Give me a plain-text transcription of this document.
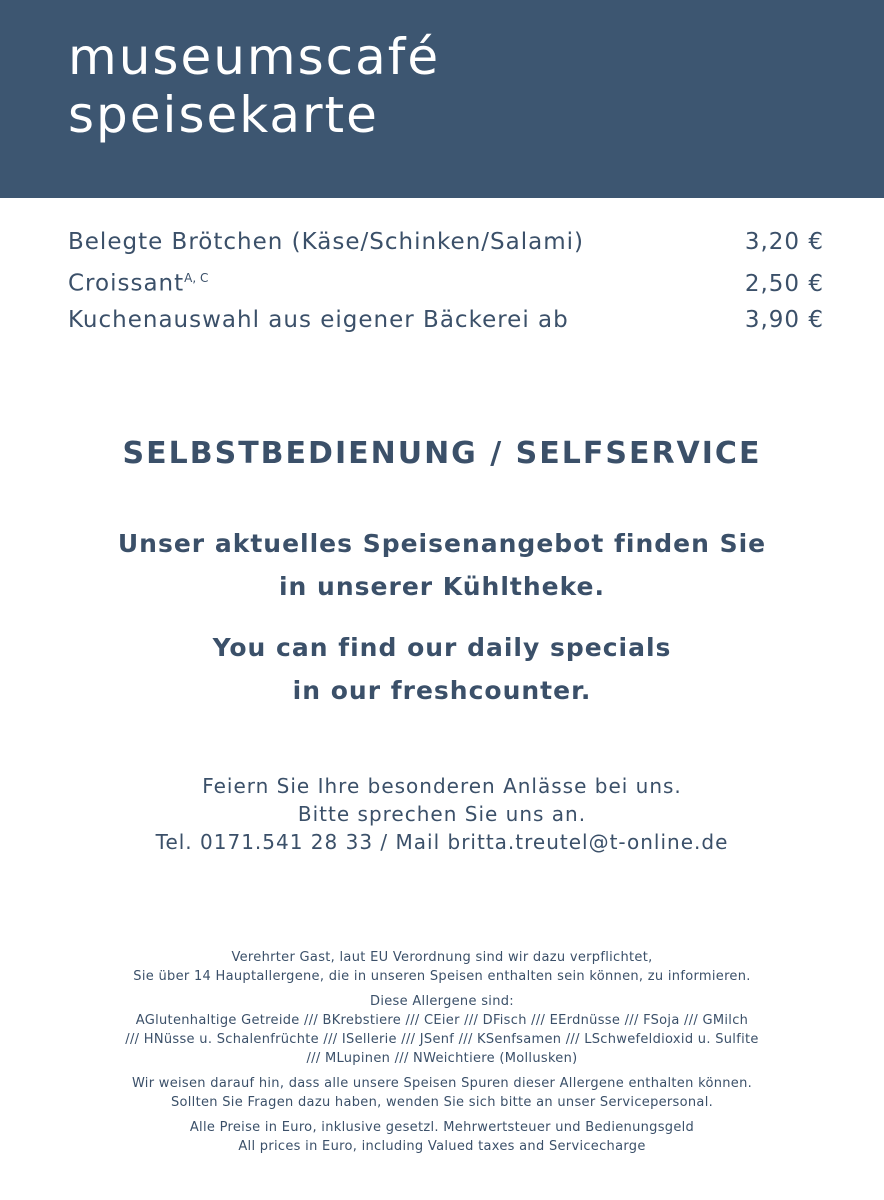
museumscafé
speisekarte
Belegte Brötchen (Käse/Schinken/Salami)	3,20 €
Croissant$^{A, C}$	2,50 €
Kuchenauswahl aus eigener Bäckerei ab	3,90 €
SELBSTBEDIENUNG / SELFSERVICE
Unser aktuelles Speisenangebot finden Sie
in unserer Kühltheke.
You can find our daily specials
in our freshcounter.
Feiern Sie Ihre besonderen Anlässe bei uns.
Bitte sprechen Sie uns an.
Tel. 0171.541 28 33 / Mail britta.treutel@t-online.de
Verehrter Gast, laut EU Verordnung sind wir dazu verpflichtet,
Sie über 14 Hauptallergene, die in unseren Speisen enthalten sein können, zu informieren.
Diese Allergene sind:
AGlutenhaltige Getreide /// BKrebstiere /// CEier /// DFisch /// EErdnüsse /// FSoja /// GMilch
/// HNüsse u. Schalenfrüchte /// ISellerie /// JSenf /// KSenfsamen /// LSchwefeldioxid u. Sulfite
/// MLupinen /// NWeichtiere (Mollusken)
Wir weisen darauf hin, dass alle unsere Speisen Spuren dieser Allergene enthalten können.
Sollten Sie Fragen dazu haben, wenden Sie sich bitte an unser Servicepersonal.
Alle Preise in Euro, inklusive gesetzl. Mehrwertsteuer und Bedienungsgeld
All prices in Euro, including Valued taxes and Servicecharge
